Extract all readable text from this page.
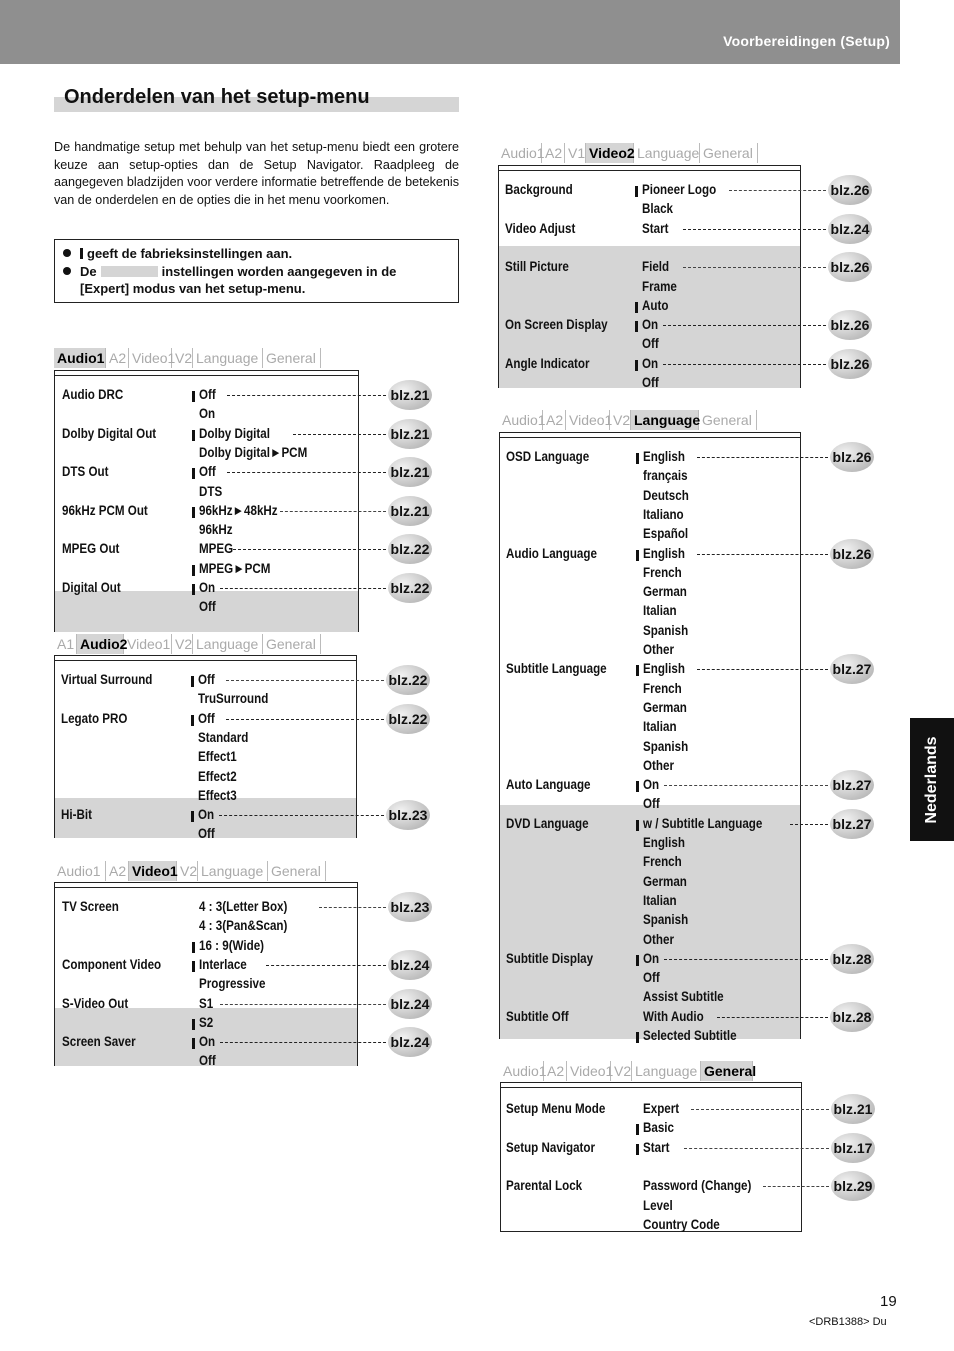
Voorbereidingen (Setup)
Onderdelen van het setup-menu
De handmatige setup met behulp van het setup-menu biedt een grotere keuze aan setup-opties dan de Setup Navigator. Raadpleeg de aangegeven bladzijden voor verdere informatie betreffende de betekenis van de onderdelen en de opties die in het menu voorkomen.
geeft de fabrieksinstellingen aan.
De	instellingen worden aangegeven in de
[Expert] modus van het setup-menu.
Nederlands
19
<DRB1388> Du
Audio1 A2 Video1 V2 Language General
Audio DRC	Off
On
blz.21
Dolby Digital Out	Dolby Digital
Dolby Digital►PCM
blz.21
DTS Out	Off
DTS
blz.21
96kHz PCM Out	96kHz►48kHz
96kHz
blz.21
MPEG Out	MPEG
MPEG►PCM
blz.22
Digital Out	On
Off
blz.22
A1 Audio2 Video1 V2 Language General
Virtual Surround	Off
TruSurround
blz.22
Legato PRO	Off
Standard
Effect1
Effect2
Effect3
blz.22
Hi-Bit	On
Off
blz.23
Audio1 A2 Video1 V2 Language General
TV Screen	4 : 3(Letter Box)
4 : 3(Pan&Scan)
16 : 9(Wide)
blz.23
Component Video	Interlace
Progressive
blz.24
S-Video Out	S1
S2
blz.24
Screen Saver	On
Off
blz.24
Audio1 A2 V1 Video2 Language General
Background	Pioneer Logo
Black
blz.26
Video Adjust	Start	blz.24
Still Picture	Field
Frame
Auto
blz.26
On Screen Display	On
Off
blz.26
Angle Indicator	On
Off
blz.26
Audio1 A2 Video1 V2 Language General
OSD Language	English
français
Deutsch
Italiano
Español
blz.26
Audio Language	English
French
German
Italian
Spanish
Other
blz.26
Subtitle Language	English
French
German
Italian
Spanish
Other
blz.27
Auto Language	On
Off
blz.27
DVD Language	w / Subtitle Language
English
French
German
Italian
Spanish
Other
blz.27
Subtitle Display	On
Off
Assist Subtitle
blz.28
Subtitle Off	With Audio
Selected Subtitle
blz.28
Audio1 A2 Video1 V2 Language General
Setup Menu Mode	Expert
Basic
blz.21
Setup Navigator	Start	blz.17
Parental Lock	Password (Change)
Level
Country Code
blz.29
